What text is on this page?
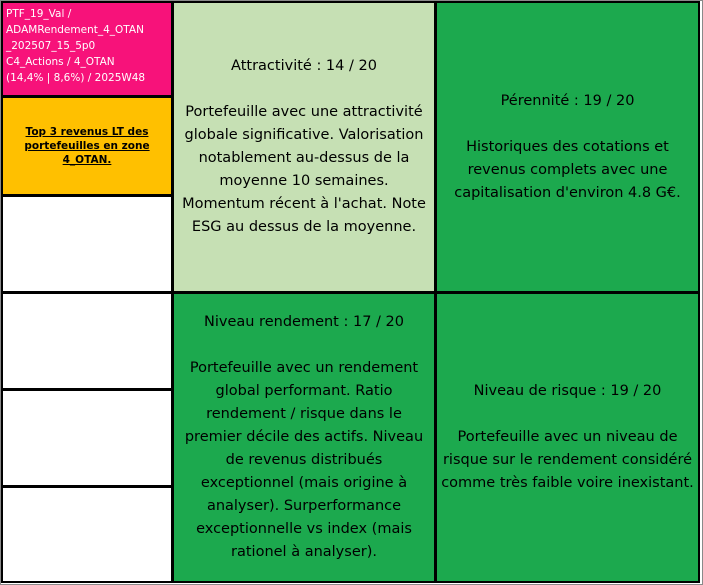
PTF_19_Val /
ADAMRendement_4_OTAN
_202507_15_5p0
C4_Actions / 4_OTAN
(14,4% | 8,6%) / 2025W48
Top 3 revenus LT des portefeuilles en zone 4_OTAN.
Attractivité : 14 / 20
Portefeuille avec une attractivité globale significative. Valorisation notablement au-dessus de la moyenne 10 semaines. Momentum récent à l'achat. Note ESG au dessus de la moyenne.
Pérennité : 19 / 20
Historiques des cotations et revenus complets avec une capitalisation d'environ 4.8 G€.
Niveau rendement : 17 / 20
Portefeuille avec un rendement global performant. Ratio rendement / risque dans le premier décile des actifs. Niveau de revenus distribués exceptionnel (mais origine à analyser). Surperformance exceptionnelle vs index (mais rationel à analyser).
Niveau de risque : 19 / 20
Portefeuille avec un niveau de risque sur le rendement considéré comme très faible voire inexistant.
